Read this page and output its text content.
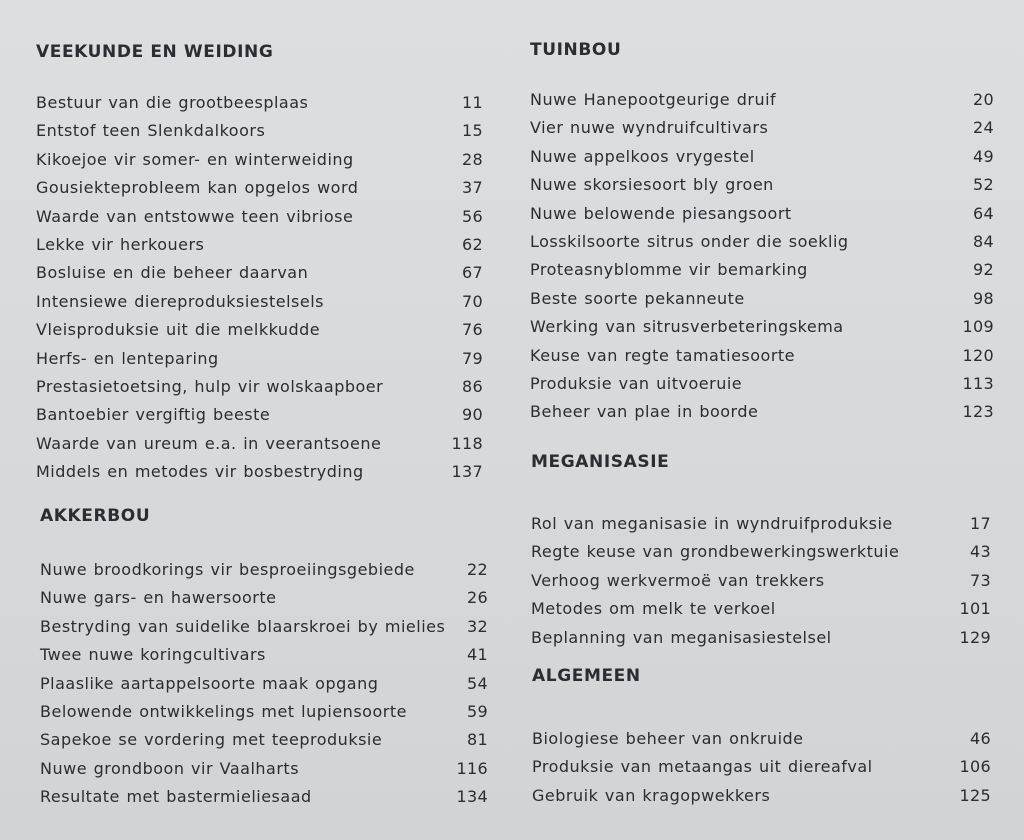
VEEKUNDE EN WEIDING
Bestuur van die grootbeesplaas	11
Entstof teen Slenkdalkoors	15
Kikoejoe vir somer- en winterweiding	28
Gousiekteprobleem kan opgelos word	37
Waarde van entstowwe teen vibriose	56
Lekke vir herkouers	62
Bosluise en die beheer daarvan	67
Intensiewe diereproduksiestelsels	70
Vleisproduksie uit die melkkudde	76
Herfs- en lenteparing	79
Prestasietoetsing, hulp vir wolskaapboer	86
Bantoebier vergiftig beeste	90
Waarde van ureum e.a. in veerantsoene	118
Middels en metodes vir bosbestryding	137
AKKERBOU
Nuwe broodkorings vir besproeiingsgebiede	22
Nuwe gars- en hawersoorte	26
Bestryding van suidelike blaarskroei by mielies 32
Twee nuwe koringcultivars	41
Plaaslike aartappelsoorte maak opgang	54
Belowende ontwikkelings met lupiensoorte	59
Sapekoe se vordering met teeproduksie	81
Nuwe grondboon vir Vaalharts	116
Resultate met bastermieliesaad	134
TUINBOU
Nuwe Hanepootgeurige druif	20
Vier nuwe wyndruifcultivars	24
Nuwe appelkoos vrygestel	49
Nuwe skorsiesoort bly groen	52
Nuwe belowende piesangsoort	64
Losskilsoorte sitrus onder die soeklig	84
Proteasnyblomme vir bemarking	92
Beste soorte pekanneute	98
Werking van sitrusverbeteringskema	109
Keuse van regte tamatiesoorte	120
Produksie van uitvoeruie	113
Beheer van plae in boorde	123
MEGANISASIE
Rol van meganisasie in wyndruifproduksie	17
Regte keuse van grondbewerkingswerktuie	43
Verhoog werkvermoë van trekkers	73
Metodes om melk te verkoel	101
Beplanning van meganisasiestelsel	129
ALGEMEEN
Biologiese beheer van onkruide	46
Produksie van metaangas uit diereafval	106
Gebruik van kragopwekkers	125
